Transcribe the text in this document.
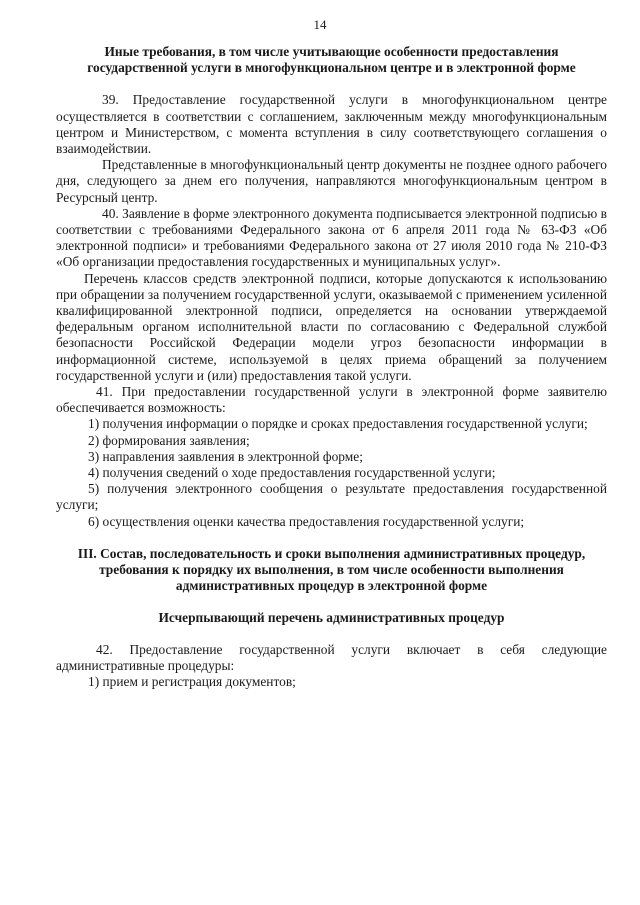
14

Иные требования, в том числе учитывающие особенности предоставления государственной услуги в многофункциональном центре и в электронной форме

39. Предоставление государственной услуги в многофункциональном центре осуществляется в соответствии с соглашением, заключенным между многофункциональным центром и Министерством, с момента вступления в силу соответствующего соглашения о взаимодействии.

Представленные в многофункциональный центр документы не позднее одного рабочего дня, следующего за днем его получения, направляются многофункциональным центром в Ресурсный центр.

40. Заявление в форме электронного документа подписывается электронной подписью в соответствии с требованиями Федерального закона от 6 апреля 2011 года № 63-ФЗ «Об электронной подписи» и требованиями Федерального закона от 27 июля 2010 года № 210-ФЗ «Об организации предоставления государственных и муниципальных услуг».

Перечень классов средств электронной подписи, которые допускаются к использованию при обращении за получением государственной услуги, оказываемой с применением усиленной квалифицированной электронной подписи, определяется на основании утверждаемой федеральным органом исполнительной власти по согласованию с Федеральной службой безопасности Российской Федерации модели угроз безопасности информации в информационной системе, используемой в целях приема обращений за получением государственной услуги и (или) предоставления такой услуги.

41. При предоставлении государственной услуги в электронной форме заявителю обеспечивается возможность:

1) получения информации о порядке и сроках предоставления государственной услуги;

2) формирования заявления;

3) направления заявления в электронной форме;

4) получения сведений о ходе предоставления государственной услуги;

5) получения электронного сообщения о результате предоставления государственной услуги;

6) осуществления оценки качества предоставления государственной услуги;

III. Состав, последовательность и сроки выполнения административных процедур, требования к порядку их выполнения, в том числе особенности выполнения административных процедур в электронной форме

Исчерпывающий перечень административных процедур

42. Предоставление государственной услуги включает в себя следующие административные процедуры:

1) прием и регистрация документов;
